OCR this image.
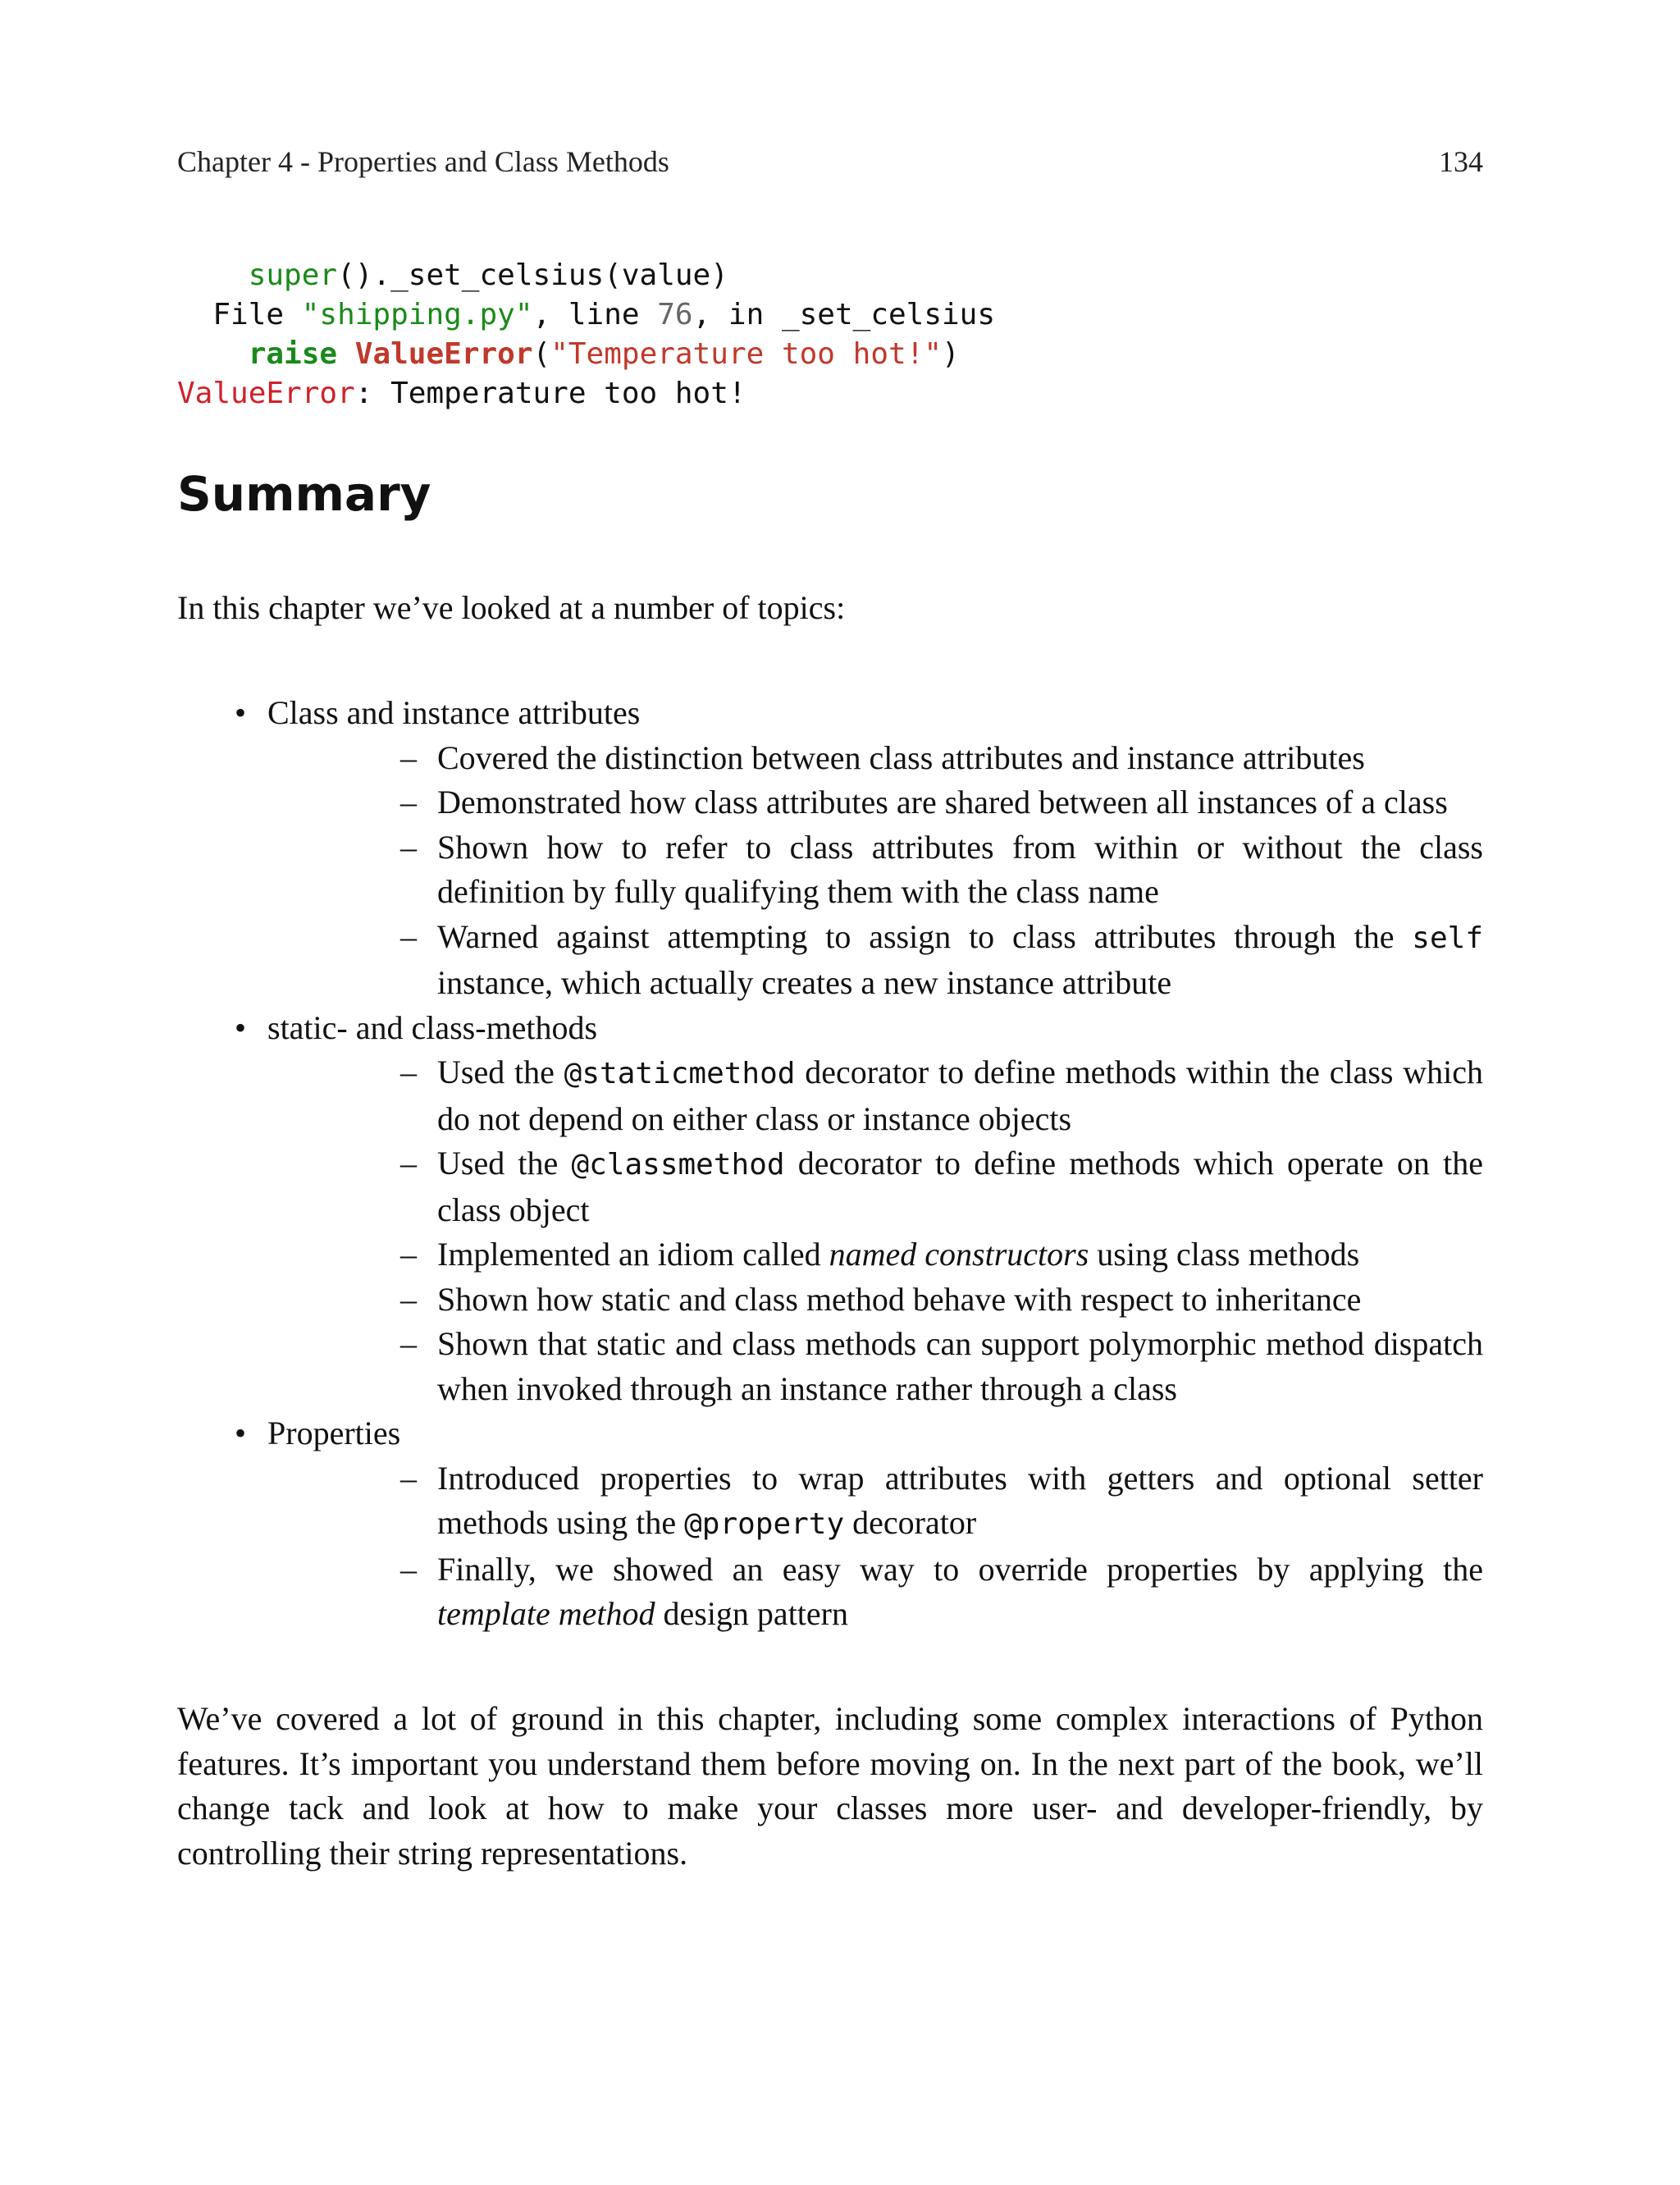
Chapter 4 - Properties and Class Methods	134
super()._set_celsius(value)
File "shipping.py", line 76, in _set_celsius
raise ValueError("Temperature too hot!")
ValueError: Temperature too hot!
Summary

In this chapter we’ve looked at a number of topics:

• Class and instance attributes
– Covered the distinction between class attributes and instance attributes
– Demonstrated how class attributes are shared between all instances of a class
– Shown how to refer to class attributes from within or without the class definition by fully qualifying them with the class name
– Warned against attempting to assign to class attributes through the self instance, which actually creates a new instance attribute
• static- and class-methods
– Used the @staticmethod decorator to define methods within the class which do not depend on either class or instance objects
– Used the @classmethod decorator to define methods which operate on the class object
– Implemented an idiom called named constructors using class methods
– Shown how static and class method behave with respect to inheritance
– Shown that static and class methods can support polymorphic method dispatch when invoked through an instance rather through a class
• Properties
– Introduced properties to wrap attributes with getters and optional setter methods using the @property decorator
– Finally, we showed an easy way to override properties by applying the template method design pattern

We’ve covered a lot of ground in this chapter, including some complex interactions of Python features. It’s important you understand them before moving on. In the next part of the book, we’ll change tack and look at how to make your classes more user- and developer-friendly, by controlling their string representations.
